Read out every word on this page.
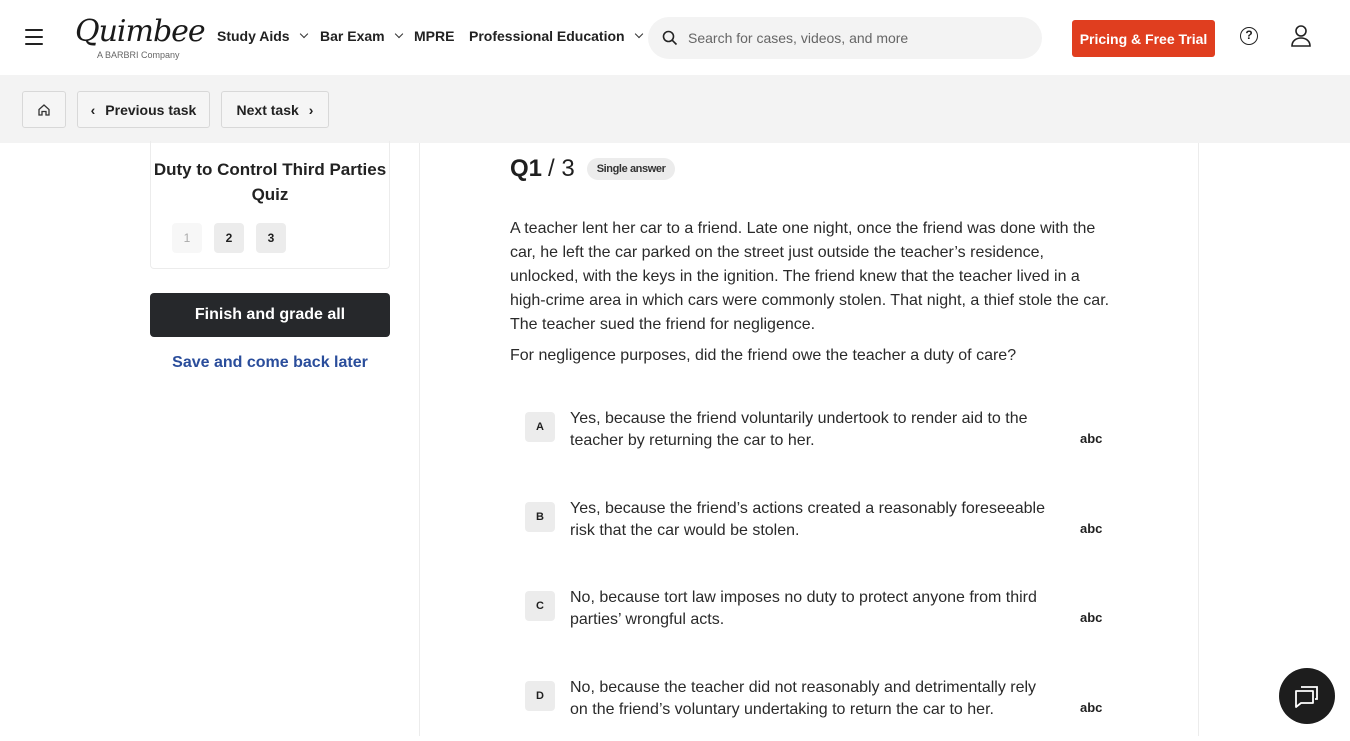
Quimbee
A BARBRI Company
Study Aids Bar Exam MPRE Professional Education
Search for cases, videos, and more	Pricing & Free Trial	?
‹ Previous task	Next task ›
Duty to Control Third Parties Quiz
1	2	3
Finish and grade all
Save and come back later
Q1 / 3	Single answer
A teacher lent her car to a friend. Late one night, once the friend was done with the car, he left the car parked on the street just outside the teacher’s residence, unlocked, with the keys in the ignition. The friend knew that the teacher lived in a high-crime area in which cars were commonly stolen. That night, a thief stole the car. The teacher sued the friend for negligence.
For negligence purposes, did the friend owe the teacher a duty of care?
A	Yes, because the friend voluntarily undertook to render aid to the teacher by returning the car to her.	abc
B	Yes, because the friend’s actions created a reasonably foreseeable risk that the car would be stolen.	abc
C	No, because tort law imposes no duty to protect anyone from third parties’ wrongful acts.	abc
D	No, because the teacher did not reasonably and detrimentally rely on the friend’s voluntary undertaking to return the car to her.	abc
